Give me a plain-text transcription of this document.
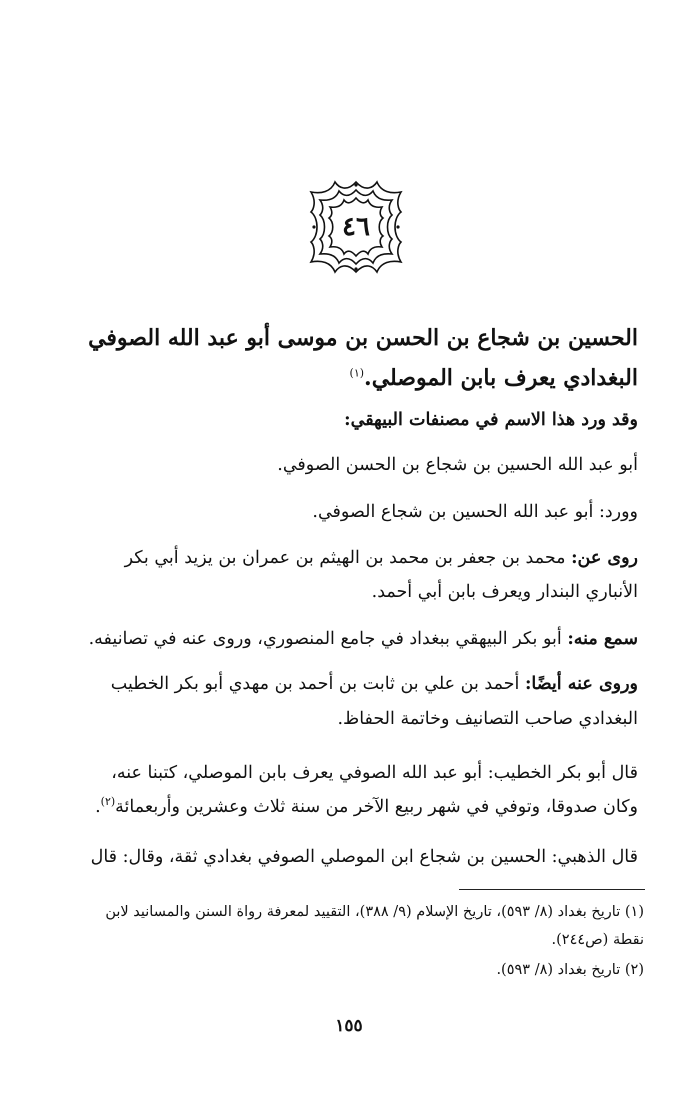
٤٦
الحسين بن شجاع بن الحسن بن موسى أبو عبد الله الصوفي
البغدادي يعرف بابن الموصلي.$^{(١)}$
وقد ورد هذا الاسم في مصنفات البيهقي:
أبو عبد الله الحسين بن شجاع بن الحسن الصوفي.
وورد: أبو عبد الله الحسين بن شجاع الصوفي.
روى عن: محمد بن جعفر بن محمد بن الهيثم بن عمران بن يزيد أبي بكر
الأنباري البندار ويعرف بابن أبي أحمد.
سمع منه: أبو بكر البيهقي ببغداد في جامع المنصوري، وروى عنه في تصانيفه.
وروى عنه أيضًا: أحمد بن علي بن ثابت بن أحمد بن مهدي أبو بكر الخطيب
البغدادي صاحب التصانيف وخاتمة الحفاظ.
قال أبو بكر الخطيب: أبو عبد الله الصوفي يعرف بابن الموصلي، كتبنا عنه،
وكان صدوقا، وتوفي في شهر ربيع الآخر من سنة ثلاث وعشرين وأربعمائة$^{(٢)}$.
قال الذهبي: الحسين بن شجاع ابن الموصلي الصوفي بغدادي ثقة، وقال: قال
(١) تاريخ بغداد (٨/ ٥٩٣)، تاريخ الإسلام (٩/ ٣٨٨)، التقييد لمعرفة رواة السنن والمسانيد لابن
نقطة (ص٢٤٤).
(٢) تاريخ بغداد (٨/ ٥٩٣).
١٥٥
